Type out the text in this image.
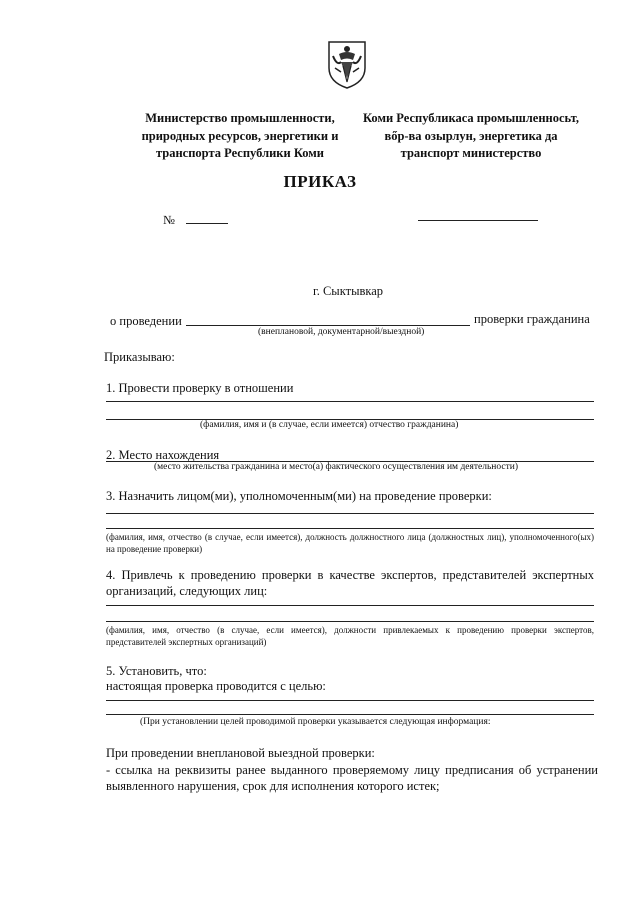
Министерство промышленности,
природных ресурсов, энергетики и
транспорта Республики Коми
Коми Республикаса промышленносьт,
вőр-ва озырлун, энергетика да
транспорт министерство
ПРИКАЗ
№
г. Сыктывкар
о проведении	проверки гражданина
(внеплановой, документарной/выездной)
Приказываю:
1. Провести проверку в отношении
(фамилия, имя и (в случае, если имеется) отчество гражданина)
2. Место нахождения
(место жительства гражданина и место(а) фактического осуществления им деятельности)
3. Назначить лицом(ми), уполномоченным(ми) на проведение проверки:
(фамилия, имя, отчество (в случае, если имеется), должность должностного лица (должностных лиц), уполномоченного(ых) на проведение проверки)
4. Привлечь к проведению проверки в качестве экспертов, представителей экспертных организаций, следующих лиц:
(фамилия, имя, отчество (в случае, если имеется), должности привлекаемых к проведению проверки экспертов, представителей экспертных организаций)
5. Установить, что:
настоящая проверка проводится с целью:
(При установлении целей проводимой проверки указывается следующая информация:
При проведении внеплановой выездной проверки:
- ссылка на реквизиты ранее выданного проверяемому лицу предписания об устранении выявленного нарушения, срок для исполнения которого истек;
